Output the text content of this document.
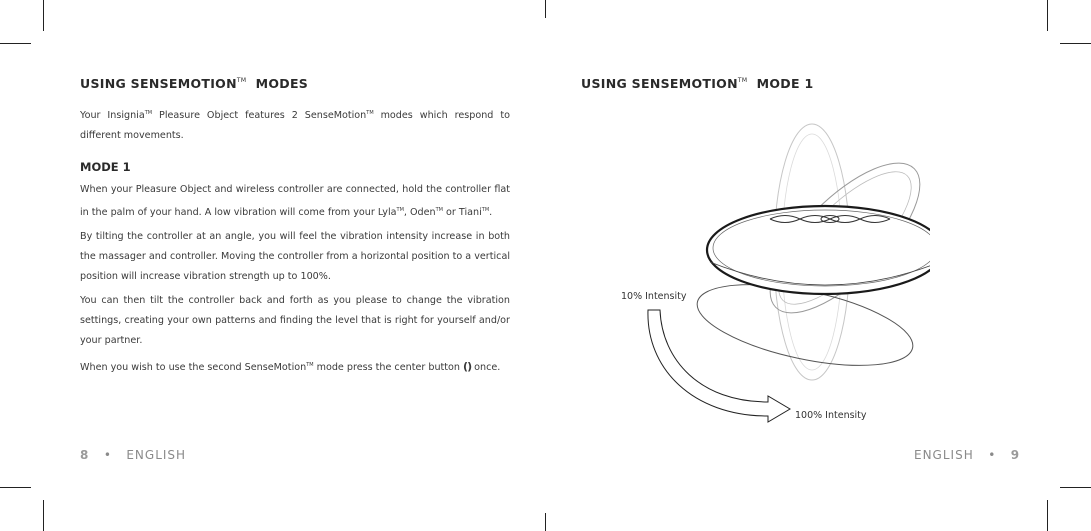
USING SENSEMOTION™ MODES

Your Insignia™ Pleasure Object features 2 SenseMotion™ modes which respond to different movements.

MODE 1

When your Pleasure Object and wireless controller are connected, hold the controller flat in the palm of your hand. A low vibration will come from your Lyla™, Oden™ or Tiani™.

By tilting the controller at an angle, you will feel the vibration intensity increase in both the massager and controller. Moving the controller from a horizontal position to a vertical position will increase vibration strength up to 100%.

You can then tilt the controller back and forth as you please to change the vibration settings, creating your own patterns and finding the level that is right for yourself and/or your partner.

When you wish to use the second SenseMotion™ mode press the center button () once.

8 • ENGLISH
USING SENSEMOTION™ MODE 1
10% Intensity
100% Intensity
ENGLISH • 9
